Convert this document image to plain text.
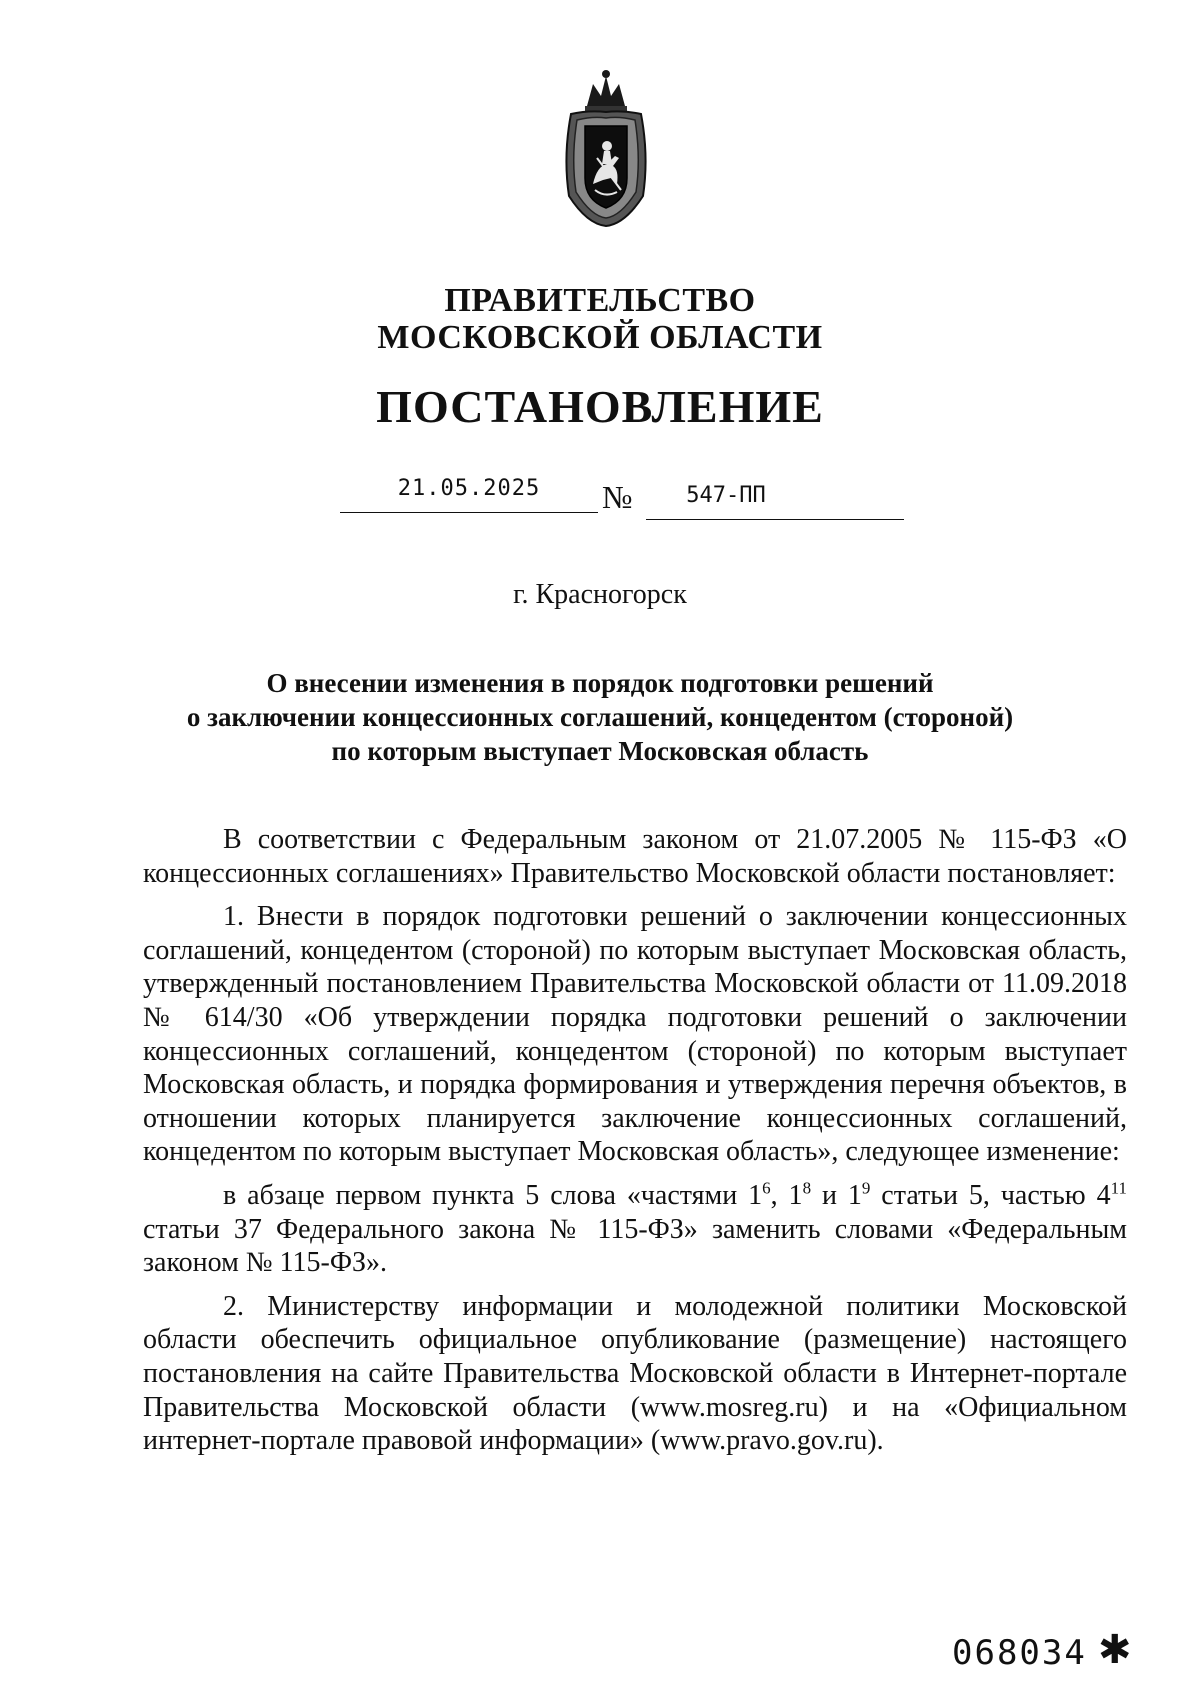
ПРАВИТЕЛЬСТВО
МОСКОВСКОЙ ОБЛАСТИ
ПОСТАНОВЛЕНИЕ
21.05.2025	№	547-ПП
г. Красногорск
О внесении изменения в порядок подготовки решений
о заключении концессионных соглашений, концедентом (стороной)
по которым выступает Московская область

В соответствии с Федеральным законом от 21.07.2005 № 115-ФЗ «О концессионных соглашениях» Правительство Московской области постановляет:

1. Внести в порядок подготовки решений о заключении концессионных соглашений, концедентом (стороной) по которым выступает Московская область, утвержденный постановлением Правительства Московской области от 11.09.2018 № 614/30 «Об утверждении порядка подготовки решений о заключении концессионных соглашений, концедентом (стороной) по которым выступает Московская область, и порядка формирования и утверждения перечня объектов, в отношении которых планируется заключение концессионных соглашений, концедентом по которым выступает Московская область», следующее изменение:

в абзаце первом пункта 5 слова «частями $1^6$, $1^8$ и $1^9$ статьи 5, частью $4^{11}$ статьи 37 Федерального закона № 115-ФЗ» заменить словами «Федеральным законом № 115-ФЗ».

2. Министерству информации и молодежной политики Московской области обеспечить официальное опубликование (размещение) настоящего постановления на сайте Правительства Московской области в Интернет-портале Правительства Московской области (www.mosreg.ru) и на «Официальном интернет-портале правовой информации» (www.pravo.gov.ru).

068034 ✱
